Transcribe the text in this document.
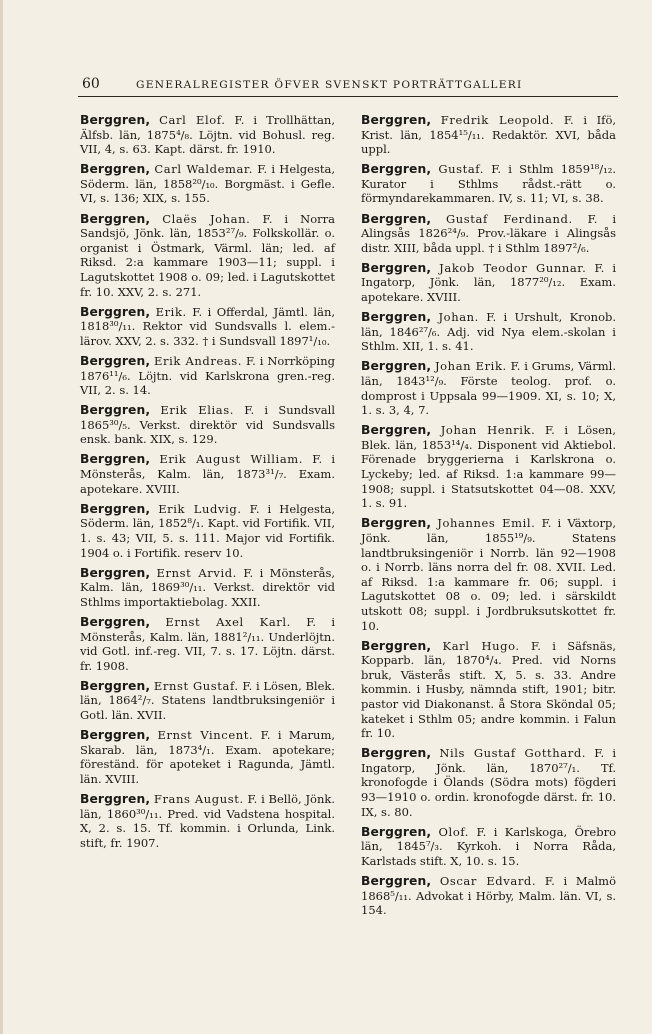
60	GENERALREGISTER ÖFVER SVENSKT PORTRÄTTGALLERI

Berggren, Carl Elof. F. i Trollhättan, Älfsb. län, 1875⁴/₈. Löjtn. vid Bohusl. reg. VII, 4, s. 63. Kapt. därst. fr. 1910.

Berggren, Carl Waldemar. F. i Helgesta, Söderm. län, 1858²⁰/₁₀. Borgmäst. i Gefle. VI, s. 136; XIX, s. 155.

Berggren, Claës Johan. F. i Norra Sandsjö, Jönk. län, 1853²⁷/₉. Folkskollär. o. organist i Östmark, Värml. län; led. af Riksd. 2:a kammare 1903—11; suppl. i Lagutskottet 1908 o. 09; led. i Lagutskottet fr. 10. XXV, 2. s. 271.

Berggren, Erik. F. i Offerdal, Jämtl. län, 1818³⁰/₁₁. Rektor vid Sundsvalls l. elem.-lärov. XXV, 2. s. 332. † i Sundsvall 1897¹/₁₀.

Berggren, Erik Andreas. F. i Norrköping 1876¹¹/₆. Löjtn. vid Karlskrona gren.-reg. VII, 2. s. 14.

Berggren, Erik Elias. F. i Sundsvall 1865³⁰/₅. Verkst. direktör vid Sundsvalls ensk. bank. XIX, s. 129.

Berggren, Erik August William. F. i Mönsterås, Kalm. län, 1873³¹/₇. Exam. apotekare. XVIII.

Berggren, Erik Ludvig. F. i Helgesta, Söderm. län, 1852⁸/₁. Kapt. vid Fortifik. VII, 1. s. 43; VII, 5. s. 111. Major vid Fortifik. 1904 o. i Fortifik. reserv 10.

Berggren, Ernst Arvid. F. i Mönsterås, Kalm. län, 1869³⁰/₁₁. Verkst. direktör vid Sthlms importaktiebolag. XXII.

Berggren, Ernst Axel Karl. F. i Mönsterås, Kalm. län, 1881²/₁₁. Underlöjtn. vid Gotl. inf.-reg. VII, 7. s. 17. Löjtn. därst. fr. 1908.

Berggren, Ernst Gustaf. F. i Lösen, Blek. län, 1864²/₇. Statens landtbruksingeniör i Gotl. län. XVII.

Berggren, Ernst Vincent. F. i Marum, Skarab. län, 1873⁴/₁. Exam. apotekare; föreständ. för apoteket i Ragunda, Jämtl. län. XVIII.

Berggren, Frans August. F. i Bellö, Jönk. län, 1860³⁰/₁₁. Pred. vid Vadstena hospital. X, 2. s. 15. Tf. kommin. i Orlunda, Link. stift, fr. 1907.

Berggren, Fredrik Leopold. F. i Ifö, Krist. län, 1854¹⁵/₁₁. Redaktör. XVI, båda uppl.

Berggren, Gustaf. F. i Sthlm 1859¹⁸/₁₂. Kurator i Sthlms rådst.-rätt o. förmyndarekammaren. IV, s. 11; VI, s. 38.

Berggren, Gustaf Ferdinand. F. i Alingsås 1826²⁴/₉. Prov.-läkare i Alingsås distr. XIII, båda uppl. † i Sthlm 1897²/₆.

Berggren, Jakob Teodor Gunnar. F. i Ingatorp, Jönk. län, 1877²⁰/₁₂. Exam. apotekare. XVIII.

Berggren, Johan. F. i Urshult, Kronob. län, 1846²⁷/₆. Adj. vid Nya elem.-skolan i Sthlm. XII, 1. s. 41.

Berggren, Johan Erik. F. i Grums, Värml. län, 1843¹²/₉. Förste teolog. prof. o. domprost i Uppsala 99—1909. XI, s. 10; X, 1. s. 3, 4, 7.

Berggren, Johan Henrik. F. i Lösen, Blek. län, 1853¹⁴/₄. Disponent vid Aktiebol. Förenade bryggerierna i Karlskrona o. Lyckeby; led. af Riksd. 1:a kammare 99—1908; suppl. i Statsutskottet 04—08. XXV, 1. s. 91.

Berggren, Johannes Emil. F. i Växtorp, Jönk. län, 1855¹⁹/₉. Statens landtbruksingeniör i Norrb. län 92—1908 o. i Norrb. läns norra del fr. 08. XVII. Led. af Riksd. 1:a kammare fr. 06; suppl. i Lagutskottet 08 o. 09; led. i särskildt utskott 08; suppl. i Jordbruksutskottet fr. 10.

Berggren, Karl Hugo. F. i Säfsnäs, Kopparb. län, 1870⁴/₄. Pred. vid Norns bruk, Västerås stift. X, 5. s. 33. Andre kommin. i Husby, nämnda stift, 1901; bitr. pastor vid Diakonanst. å Stora Sköndal 05; kateket i Sthlm 05; andre kommin. i Falun fr. 10.

Berggren, Nils Gustaf Gotthard. F. i Ingatorp, Jönk. län, 1870²⁷/₁. Tf. kronofogde i Ölands (Södra mots) fögderi 93—1910 o. ordin. kronofogde därst. fr. 10. IX, s. 80.

Berggren, Olof. F. i Karlskoga, Örebro län, 1845⁷/₃. Kyrkoh. i Norra Råda, Karlstads stift. X, 10. s. 15.

Berggren, Oscar Edvard. F. i Malmö 1868⁵/₁₁. Advokat i Hörby, Malm. län. VI, s. 154.
